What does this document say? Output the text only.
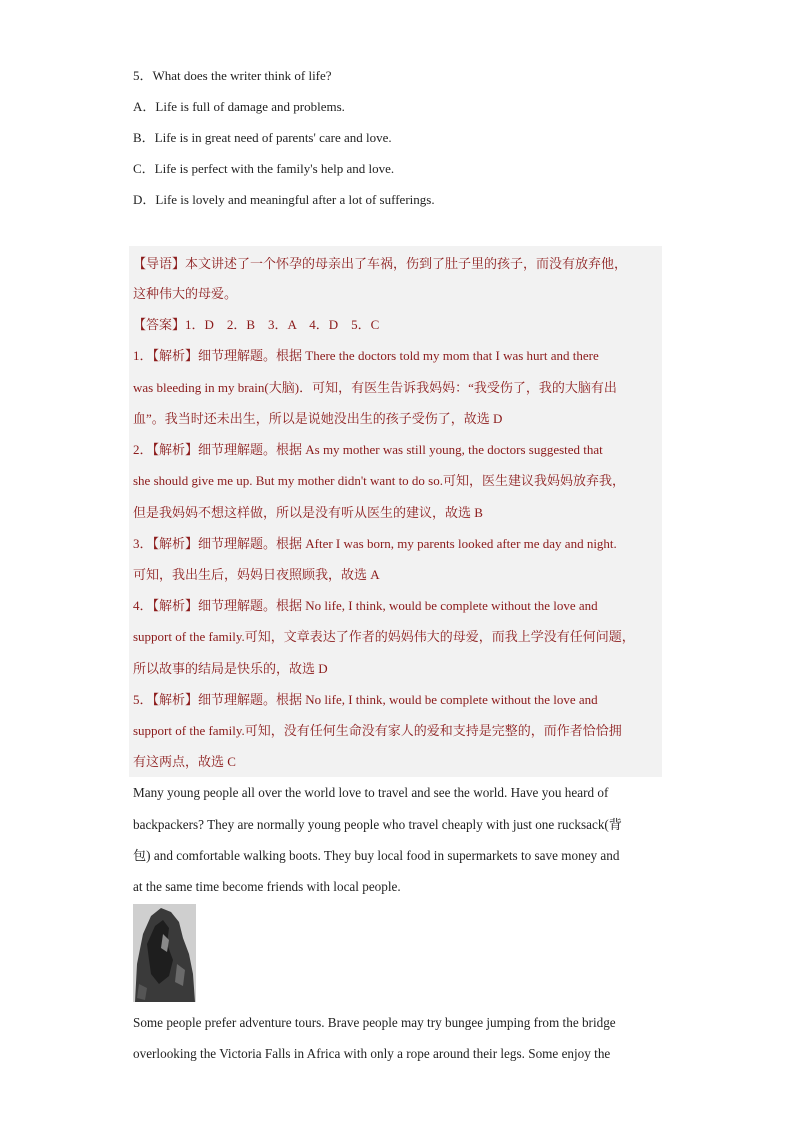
5．What does the writer think of life?
A．Life is full of damage and problems.
B．Life is in great need of parents' care and love.
C．Life is perfect with the family's help and love.
D．Life is lovely and meaningful after a lot of sufferings.
【导语】本文讲述了一个怀孕的母亲出了车祸，伤到了肚子里的孩子，而没有放弃他，
这种伟大的母爱。
【答案】1．D　2．B　3．A　4．D　5．C
1．【解析】细节理解题。根据 There the doctors told my mom that I was hurt and there
was bleeding in my brain(大脑)．可知，有医生告诉我妈妈：“我受伤了，我的大脑有出
血”。我当时还未出生，所以是说她没出生的孩子受伤了，故选 D
2．【解析】细节理解题。根据 As my mother was still young, the doctors suggested that
she should give me up. But my mother didn't want to do so.可知，医生建议我妈妈放弃我，
但是我妈妈不想这样做，所以是没有听从医生的建议，故选 B
3．【解析】细节理解题。根据 After I was born, my parents looked after me day and night.
可知，我出生后，妈妈日夜照顾我，故选 A
4．【解析】细节理解题。根据 No life, I think, would be complete without the love and
support of the family.可知，文章表达了作者的妈妈伟大的母爱，而我上学没有任何问题，
所以故事的结局是快乐的，故选 D
5．【解析】细节理解题。根据 No life, I think, would be complete without the love and
support of the family.可知，没有任何生命没有家人的爱和支持是完整的，而作者恰恰拥
有这两点，故选 C
Many young people all over the world love to travel and see the world. Have you heard of
backpackers? They are normally young people who travel cheaply with just one rucksack(背
包) and comfortable walking boots. They buy local food in supermarkets to save money and
at the same time become friends with local people.
Some people prefer adventure tours. Brave people may try bungee jumping from the bridge
overlooking the Victoria Falls in Africa with only a rope around their legs. Some enjoy the
